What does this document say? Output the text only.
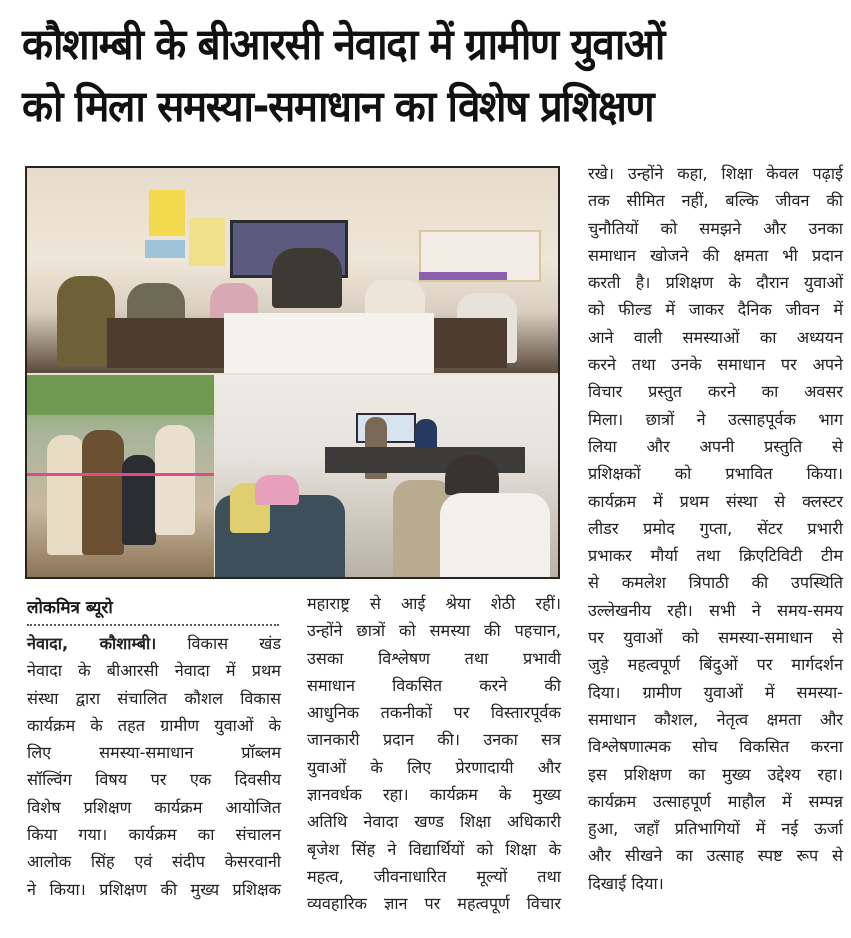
कौशाम्बी के बीआरसी नेवादा में ग्रामीण युवाओं
को मिला समस्या-समाधान का विशेष प्रशिक्षण
लोकमित्र ब्यूरो
नेवादा, कौशाम्बी। विकास खंड
नेवादा के बीआरसी नेवादा में प्रथम
संस्था द्वारा संचालित कौशल विकास
कार्यक्रम के तहत ग्रामीण युवाओं के
लिए समस्या-समाधान प्रॉब्लम
सॉल्विंग विषय पर एक दिवसीय
विशेष प्रशिक्षण कार्यक्रम आयोजित
किया गया। कार्यक्रम का संचालन
आलोक सिंह एवं संदीप केसरवानी
ने किया। प्रशिक्षण की मुख्य प्रशिक्षक
महाराष्ट्र से आई श्रेया शेठी रहीं।
उन्होंने छात्रों को समस्या की पहचान,
उसका विश्लेषण तथा प्रभावी
समाधान विकसित करने की
आधुनिक तकनीकों पर विस्तारपूर्वक
जानकारी प्रदान की। उनका सत्र
युवाओं के लिए प्रेरणादायी और
ज्ञानवर्धक रहा। कार्यक्रम के मुख्य
अतिथि नेवादा खण्ड शिक्षा अधिकारी
बृजेश सिंह ने विद्यार्थियों को शिक्षा के
महत्व, जीवनाधारित मूल्यों तथा
व्यवहारिक ज्ञान पर महत्वपूर्ण विचार
रखे। उन्होंने कहा, शिक्षा केवल पढ़ाई
तक सीमित नहीं, बल्कि जीवन की
चुनौतियों को समझने और उनका
समाधान खोजने की क्षमता भी प्रदान
करती है। प्रशिक्षण के दौरान युवाओं
को फील्ड में जाकर दैनिक जीवन में
आने वाली समस्याओं का अध्ययन
करने तथा उनके समाधान पर अपने
विचार प्रस्तुत करने का अवसर
मिला। छात्रों ने उत्साहपूर्वक भाग
लिया और अपनी प्रस्तुति से
प्रशिक्षकों को प्रभावित किया।
कार्यक्रम में प्रथम संस्था से क्लस्टर
लीडर प्रमोद गुप्ता, सेंटर प्रभारी
प्रभाकर मौर्या तथा क्रिएटिविटी टीम
से कमलेश त्रिपाठी की उपस्थिति
उल्लेखनीय रही। सभी ने समय-समय
पर युवाओं को समस्या-समाधान से
जुड़े महत्वपूर्ण बिंदुओं पर मार्गदर्शन
दिया। ग्रामीण युवाओं में समस्या-
समाधान कौशल, नेतृत्व क्षमता और
विश्लेषणात्मक सोच विकसित करना
इस प्रशिक्षण का मुख्य उद्देश्य रहा।
कार्यक्रम उत्साहपूर्ण माहौल में सम्पन्न
हुआ, जहाँ प्रतिभागियों में नई ऊर्जा
और सीखने का उत्साह स्पष्ट रूप से
दिखाई दिया।
